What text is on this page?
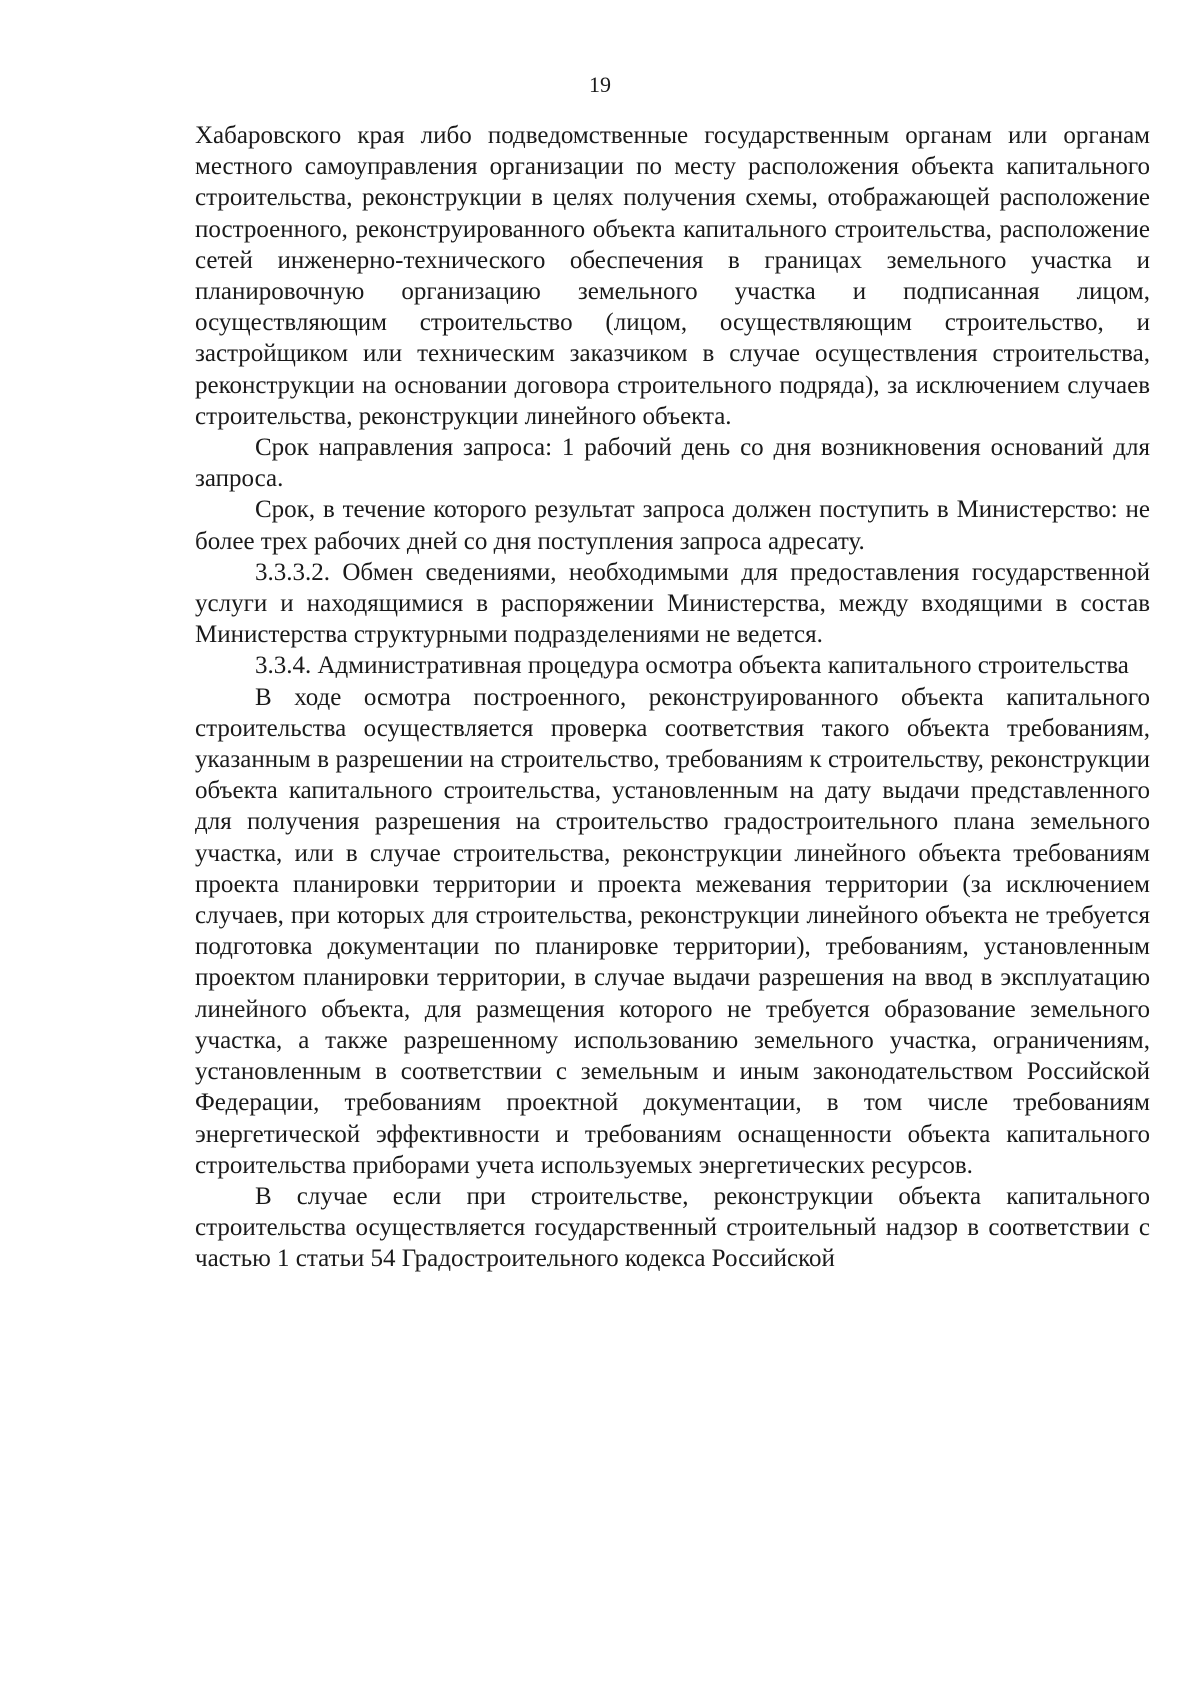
19

Хабаровского края либо подведомственные государственным органам или органам местного самоуправления организации по месту расположения объекта капитального строительства, реконструкции в целях получения схемы, отображающей расположение построенного, реконструированного объекта капитального строительства, расположение сетей инженерно-технического обеспечения в границах земельного участка и планировочную организацию земельного участка и подписанная лицом, осуществляющим строительство (лицом, осуществляющим строительство, и застройщиком или техническим заказчиком в случае осуществления строительства, реконструкции на основании договора строительного подряда), за исключением случаев строительства, реконструкции линейного объекта.

Срок направления запроса: 1 рабочий день со дня возникновения оснований для запроса.

Срок, в течение которого результат запроса должен поступить в Министерство: не более трех рабочих дней со дня поступления запроса адресату.

3.3.3.2. Обмен сведениями, необходимыми для предоставления государственной услуги и находящимися в распоряжении Министерства, между входящими в состав Министерства структурными подразделениями не ведется.

3.3.4. Административная процедура осмотра объекта капитального строительства

В ходе осмотра построенного, реконструированного объекта капитального строительства осуществляется проверка соответствия такого объекта требованиям, указанным в разрешении на строительство, требованиям к строительству, реконструкции объекта капитального строительства, установленным на дату выдачи представленного для получения разрешения на строительство градостроительного плана земельного участка, или в случае строительства, реконструкции линейного объекта требованиям проекта планировки территории и проекта межевания территории (за исключением случаев, при которых для строительства, реконструкции линейного объекта не требуется подготовка документации по планировке территории), требованиям, установленным проектом планировки территории, в случае выдачи разрешения на ввод в эксплуатацию линейного объекта, для размещения которого не требуется образование земельного участка, а также разрешенному использованию земельного участка, ограничениям, установленным в соответствии с земельным и иным законодательством Российской Федерации, требованиям проектной документации, в том числе требованиям энергетической эффективности и требованиям оснащенности объекта капитального строительства приборами учета используемых энергетических ресурсов.

В случае если при строительстве, реконструкции объекта капитального строительства осуществляется государственный строительный надзор в соответствии с частью 1 статьи 54 Градостроительного кодекса Российской
